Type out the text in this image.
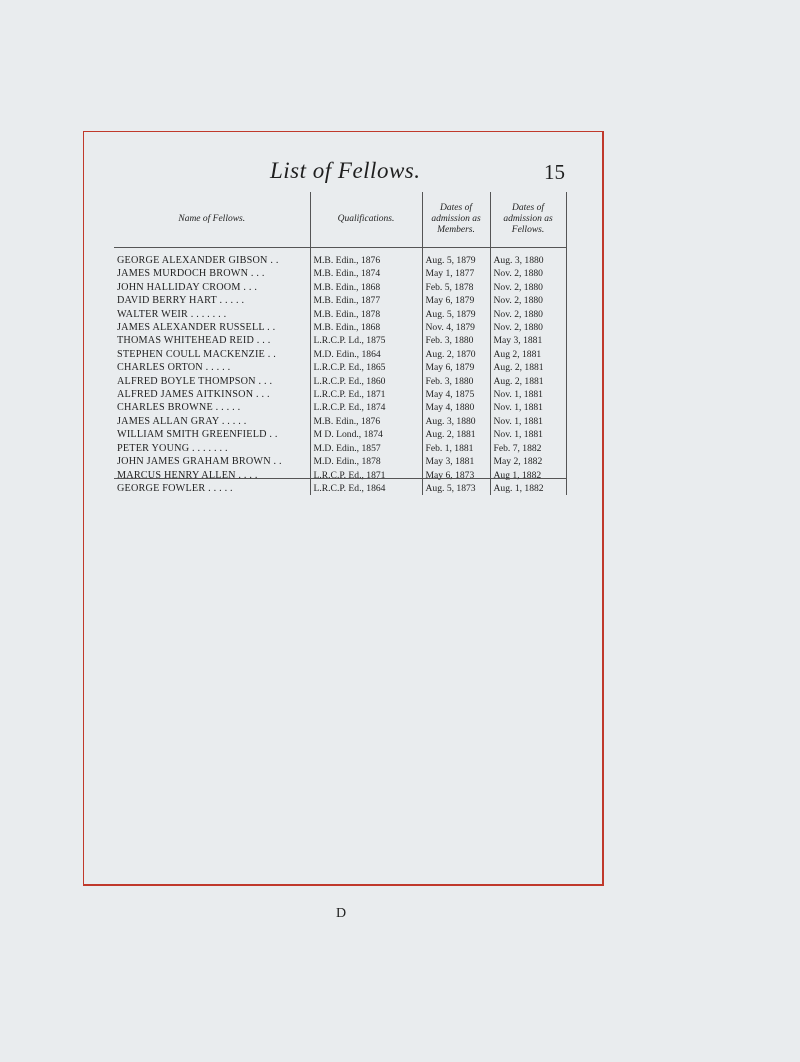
List of Fellows.	15
Name of Fellows.	Qualifications.	Dates of admission as Members.	Dates of admission as Fellows.
GEORGE ALEXANDER GIBSON . .	M.B. Edin., 1876	Aug. 5, 1879	Aug. 3, 1880
JAMES MURDOCH BROWN . . .	M.B. Edin., 1874	May 1, 1877	Nov. 2, 1880
JOHN HALLIDAY CROOM . . .	M.B. Edin., 1868	Feb. 5, 1878	Nov. 2, 1880
DAVID BERRY HART . . . . .	M.B. Edin., 1877	May 6, 1879	Nov. 2, 1880
WALTER WEIR . . . . . . .	M.B. Edin., 1878	Aug. 5, 1879	Nov. 2, 1880
JAMES ALEXANDER RUSSELL . .	M.B. Edin., 1868	Nov. 4, 1879	Nov. 2, 1880
THOMAS WHITEHEAD REID . . .	L.R.C.P. Ld., 1875	Feb. 3, 1880	May 3, 1881
STEPHEN COULL MACKENZIE . .	M.D. Edin., 1864	Aug. 2, 1870	Aug 2, 1881
CHARLES ORTON . . . . .	L.R.C.P. Ed., 1865	May 6, 1879	Aug. 2, 1881
ALFRED BOYLE THOMPSON . . .	L.R.C.P. Ed., 1860	Feb. 3, 1880	Aug. 2, 1881
ALFRED JAMES AITKINSON . . .	L.R.C.P. Ed., 1871	May 4, 1875	Nov. 1, 1881
CHARLES BROWNE . . . . .	L.R.C.P. Ed., 1874	May 4, 1880	Nov. 1, 1881
JAMES ALLAN GRAY . . . . .	M.B. Edin., 1876	Aug. 3, 1880	Nov. 1, 1881
WILLIAM SMITH GREENFIELD . .	M D. Lond., 1874	Aug. 2, 1881	Nov. 1, 1881
PETER YOUNG . . . . . . .	M.D. Edin., 1857	Feb. 1, 1881	Feb. 7, 1882
JOHN JAMES GRAHAM BROWN . .	M.D. Edin., 1878	May 3, 1881	May 2, 1882
MARCUS HENRY ALLEN . . . .	L.R.C.P. Ed., 1871	May 6, 1873	Aug 1, 1882
GEORGE FOWLER . . . . .	L.R.C.P. Ed., 1864	Aug. 5, 1873	Aug. 1, 1882
D
